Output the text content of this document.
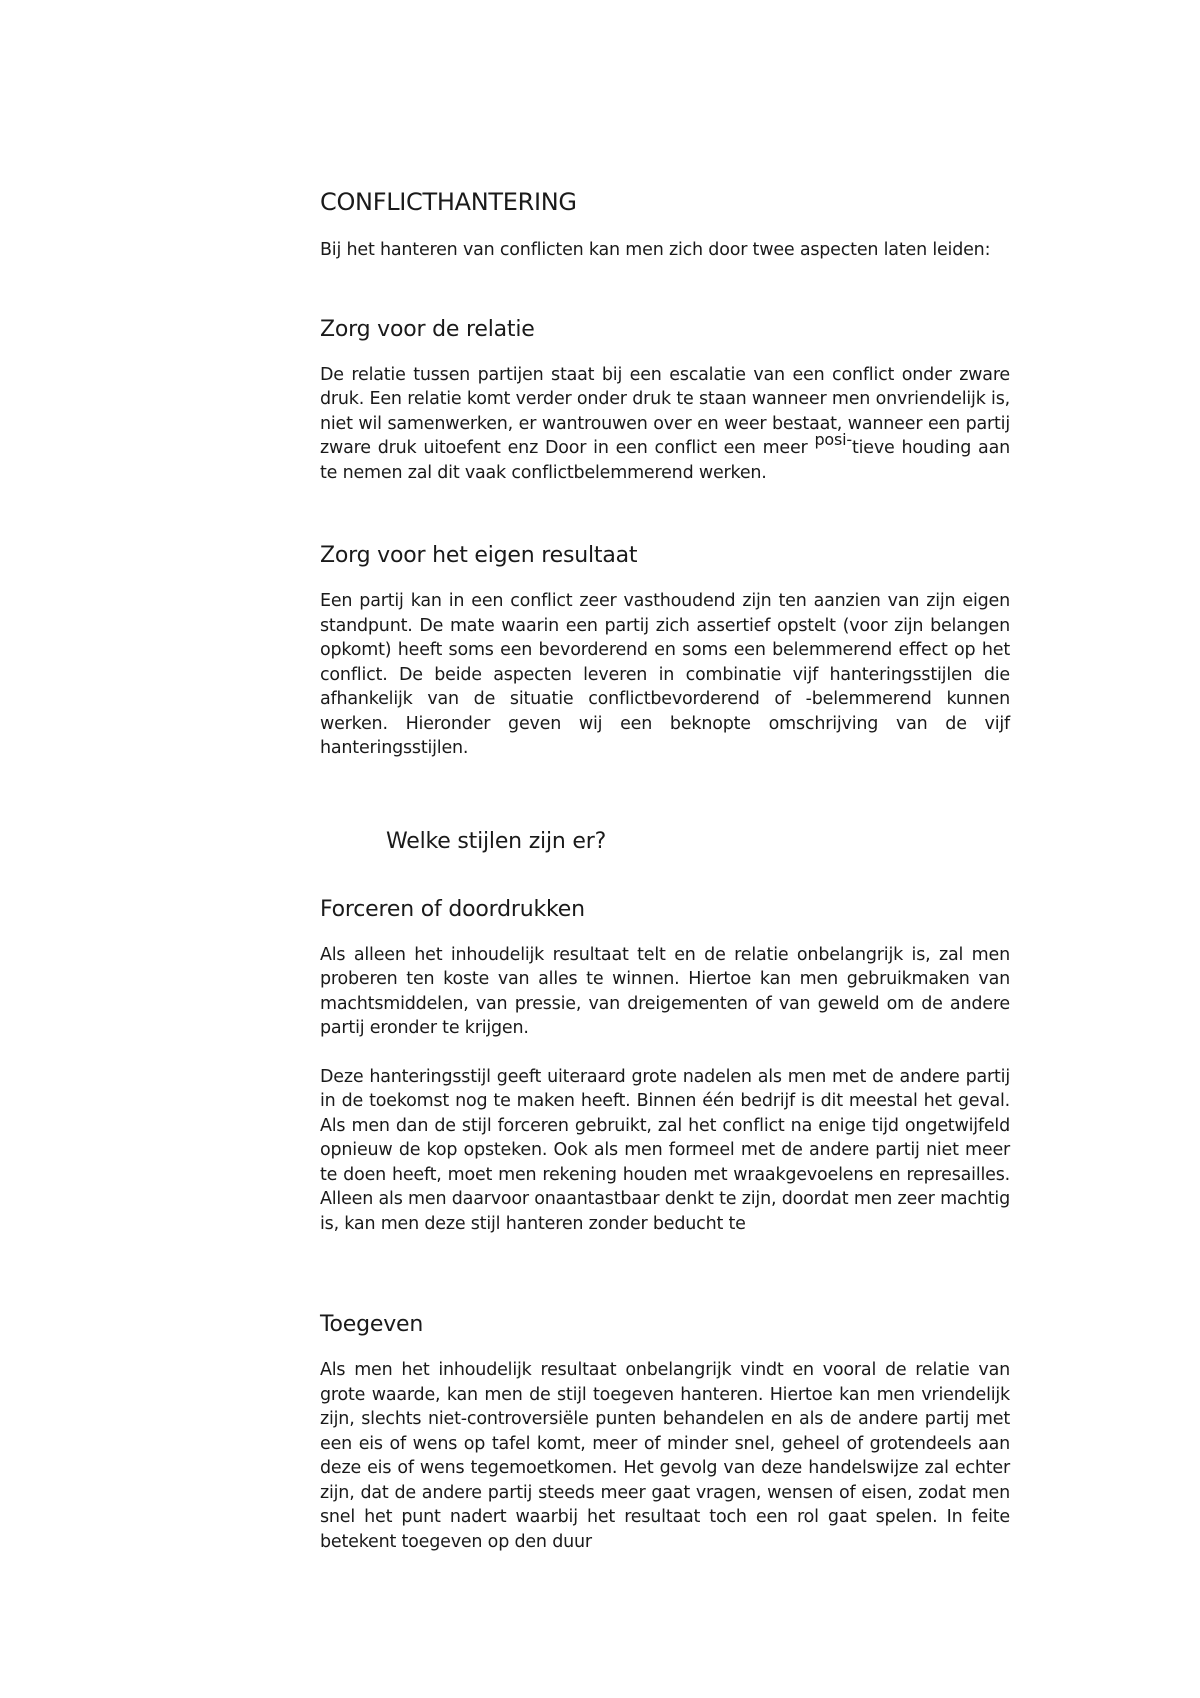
CONFLICTHANTERING

Bij het hanteren van conflicten kan men zich door twee aspecten laten leiden:

Zorg voor de relatie

De relatie tussen partijen staat bij een escalatie van een conflict onder zware druk. Een relatie komt verder onder druk te staan wanneer men onvriendelijk is, niet wil samenwerken, er wantrouwen over en weer bestaat, wanneer een partij zware druk uitoefent enz Door in een conflict een meer posi-tieve houding aan te nemen zal dit vaak conflictbelemmerend werken.

Zorg voor het eigen resultaat

Een partij kan in een conflict zeer vasthoudend zijn ten aanzien van zijn eigen standpunt. De mate waarin een partij zich assertief opstelt (voor zijn belangen opkomt) heeft soms een bevorderend en soms een belemmerend effect op het conflict. De beide aspecten leveren in combinatie vijf hanteringsstijlen die afhankelijk van de situatie conflictbevorderend of -belemmerend kunnen werken. Hieronder geven wij een beknopte omschrijving van de vijf hanteringsstijlen.

Welke stijlen zijn er?
Forceren of doordrukken

Als alleen het inhoudelijk resultaat telt en de relatie onbelangrijk is, zal men proberen ten koste van alles te winnen. Hiertoe kan men gebruikmaken van machtsmiddelen, van pressie, van dreigementen of van geweld om de andere partij eronder te krijgen.

Deze hanteringsstijl geeft uiteraard grote nadelen als men met de andere partij in de toekomst nog te maken heeft. Binnen één bedrijf is dit meestal het geval. Als men dan de stijl forceren gebruikt, zal het conflict na enige tijd ongetwijfeld opnieuw de kop opsteken. Ook als men formeel met de andere partij niet meer te doen heeft, moet men rekening houden met wraakgevoelens en represailles. Alleen als men daarvoor onaantastbaar denkt te zijn, doordat men zeer machtig is, kan men deze stijl hanteren zonder beducht te

Toegeven

Als men het inhoudelijk resultaat onbelangrijk vindt en vooral de relatie van grote waarde, kan men de stijl toegeven hanteren. Hiertoe kan men vriendelijk zijn, slechts niet-controversiële punten behandelen en als de andere partij met een eis of wens op tafel komt, meer of minder snel, geheel of grotendeels aan deze eis of wens tegemoetkomen. Het gevolg van deze handelswijze zal echter zijn, dat de andere partij steeds meer gaat vragen, wensen of eisen, zodat men snel het punt nadert waarbij het resultaat toch een rol gaat spelen. In feite betekent toegeven op den duur
